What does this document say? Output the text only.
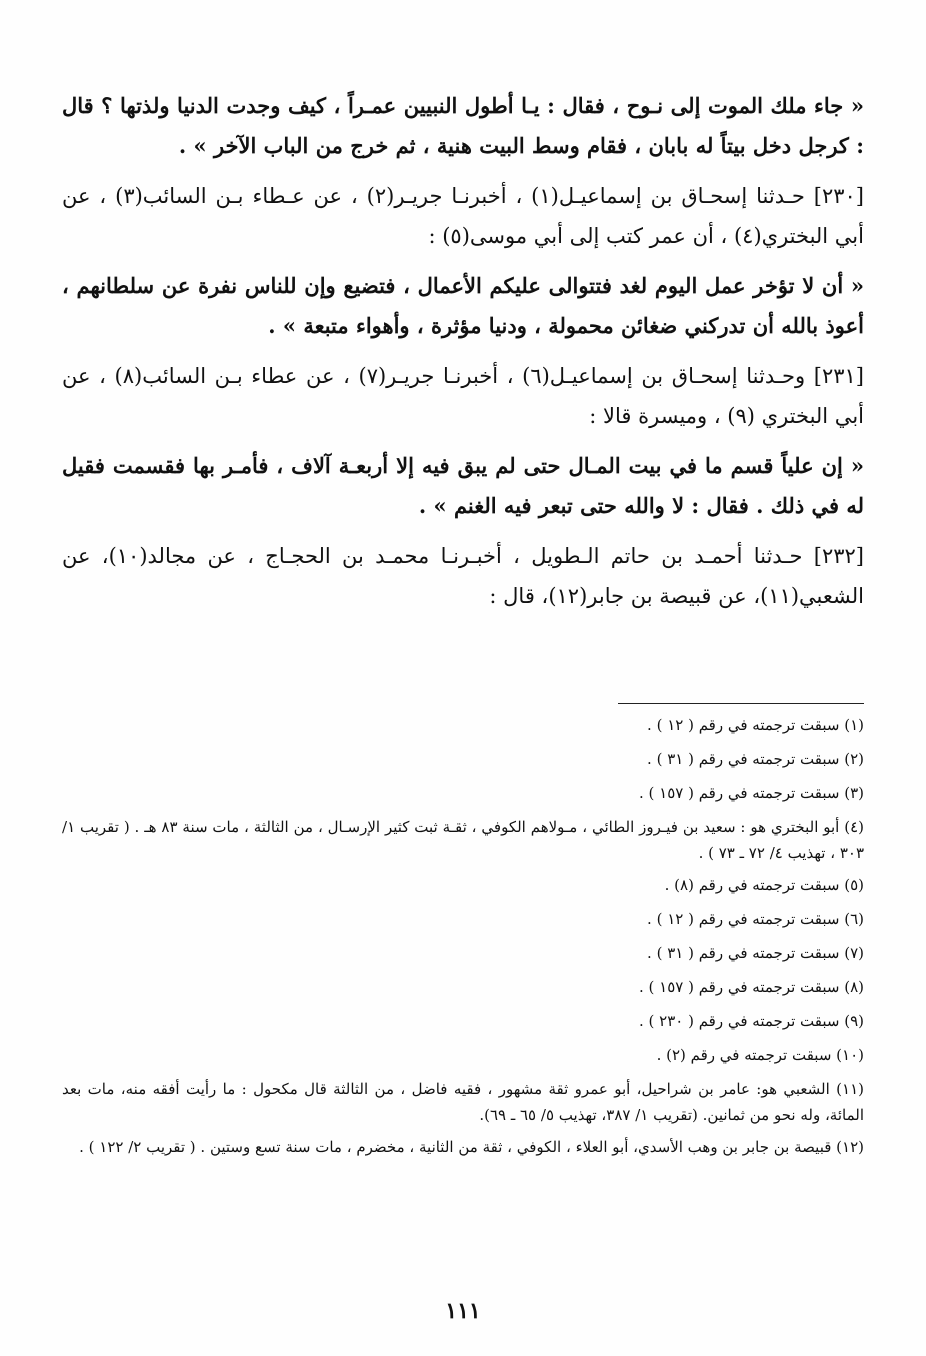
« جاء ملك الموت إلى نـوح ، فقال : يـا أطول النبيين عمـراً ، كيف وجدت الدنيا ولذتها ؟ قال : كرجل دخل بيتاً له بابان ، فقام وسط البيت هنية ، ثم خرج من الباب الآخر » .

[٢٣٠] حـدثنا إسحـاق بن إسماعيـل(١) ، أخبرنـا جريـر(٢) ، عن عـطاء بـن السائب(٣) ، عن أبي البختري(٤) ، أن عمر كتب إلى أبي موسى(٥) :

« أن لا تؤخر عمل اليوم لغد فتتوالى عليكم الأعمال ، فتضيع وإن للناس نفرة عن سلطانهم ، أعوذ بالله أن تدركني ضغائن محمولة ، ودنيا مؤثرة ، وأهواء متبعة » .

[٢٣١] وحـدثنا إسحـاق بن إسماعيـل(٦) ، أخبرنـا جريـر(٧) ، عن عطاء بـن السائب(٨) ، عن أبي البختري (٩) ، وميسرة قالا :

« إن علياً قسم ما في بيت المـال حتى لم يبق فيه إلا أربعـة آلاف ، فأمـر بها فقسمت فقيل له في ذلك . فقال : لا والله حتى تبعر فيه الغنم » .

[٢٣٢] حـدثنا أحمـد بن حاتم الـطويل ، أخبـرنـا محمـد بن الحجـاج ، عن مجالد(١٠)، عن الشعبي(١١)، عن قبيصة بن جابر(١٢)، قال :

(١) سبقت ترجمته في رقم ( ١٢ ) .

(٢) سبقت ترجمته في رقم ( ٣١ ) .

(٣) سبقت ترجمته في رقم ( ١٥٧ ) .

(٤) أبو البختري هو : سعيد بن فيـروز الطائي ، مـولاهم الكوفي ، ثقـة ثبت كثير الإرسـال ، من الثالثة ، مات سنة ٨٣ هـ . ( تقريب ١/ ٣٠٣ ، تهذيب ٤/ ٧٢ ـ ٧٣ ) .

(٥) سبقت ترجمته في رقم (٨) .

(٦) سبقت ترجمته في رقم ( ١٢ ) .

(٧) سبقت ترجمته في رقم ( ٣١ ) .

(٨) سبقت ترجمته في رقم ( ١٥٧ ) .

(٩) سبقت ترجمته في رقم ( ٢٣٠ ) .

(١٠) سبقت ترجمته في رقم (٢) .

(١١) الشعبي هو: عامر بن شراحيل، أبو عمرو ثقة مشهور ، فقيه فاضل ، من الثالثة قال مكحول : ما رأيت أفقه منه، مات بعد المائة، وله نحو من ثمانين. (تقريب ١/ ٣٨٧، تهذيب ٥/ ٦٥ ـ ٦٩).

(١٢) قبيصة بن جابر بن وهب الأسدي، أبو العلاء ، الكوفي ، ثقة من الثانية ، مخضرم ، مات سنة تسع وستين . ( تقريب ٢/ ١٢٢ ) .

١١١
